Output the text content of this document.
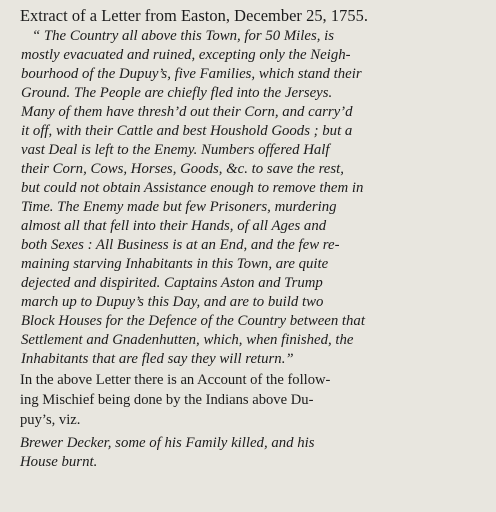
Extract of a Letter from Easton, December 25, 1755.
“ The Country all above this Town, for 50 Miles, is
mostly evacuated and ruined, excepting only the Neigh-
bourhood of the Dupuy’s, five Families, which stand their
Ground. The People are chiefly fled into the Jerseys.
Many of them have thresh’d out their Corn, and carry’d
it off, with their Cattle and best Houshold Goods ; but a
vast Deal is left to the Enemy. Numbers offered Half
their Corn, Cows, Horses, Goods, &c. to save the rest,
but could not obtain Assistance enough to remove them in
Time. The Enemy made but few Prisoners, murdering
almost all that fell into their Hands, of all Ages and
both Sexes : All Business is at an End, and the few re-
maining starving Inhabitants in this Town, are quite
dejected and dispirited. Captains Aston and Trump
march up to Dupuy’s this Day, and are to build two
Block Houses for the Defence of the Country between that
Settlement and Gnadenhutten, which, when finished, the
Inhabitants that are fled say they will return.”
In the above Letter there is an Account of the follow-
ing Mischief being done by the Indians above Du-
puy’s, viz.
Brewer Decker, some of his Family killed, and his
House burnt.
